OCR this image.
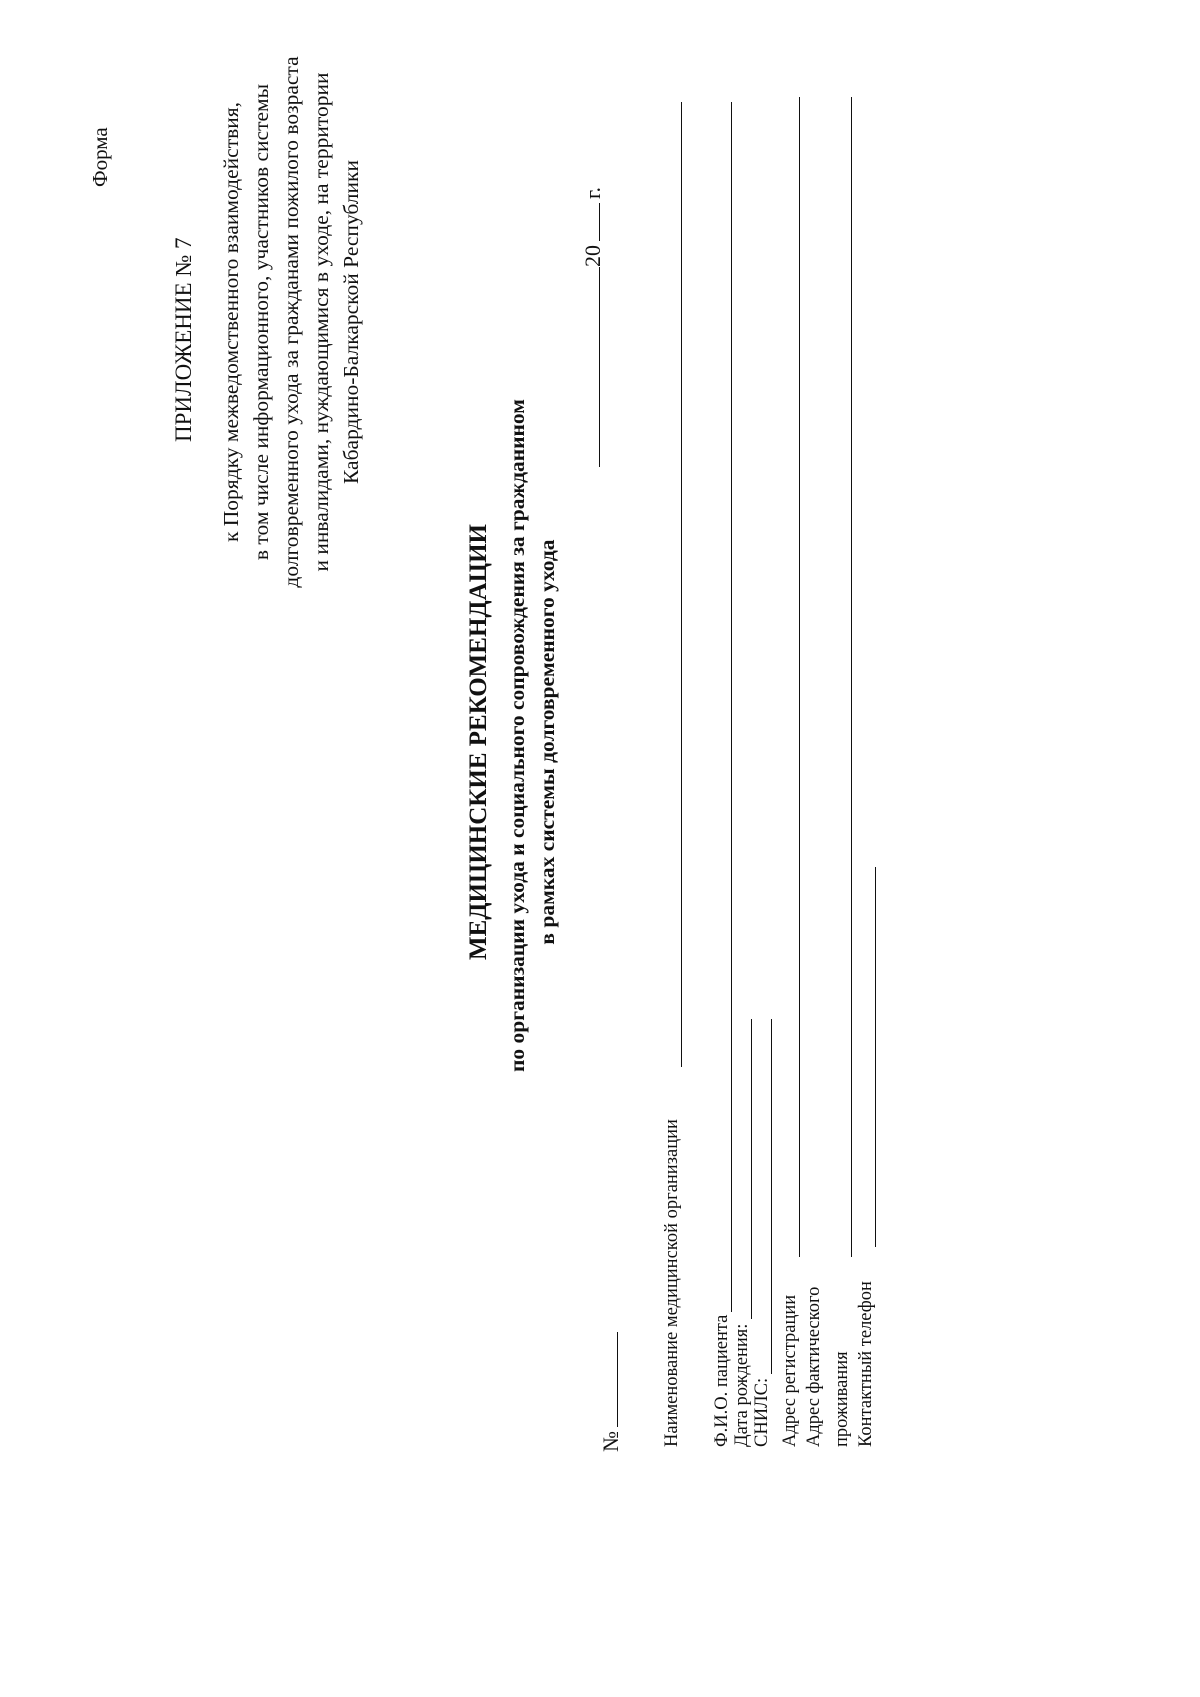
ПРИЛОЖЕНИЕ № 7 к Порядку межведомственного взаимодействия, в том числе информационного, участников системы долговременного ухода за гражданами пожилого возраста и инвалидами, нуждающимися в уходе, на территории Кабардино-Балкарской Республики
Форма
МЕДИЦИНСКИЕ РЕКОМЕНДАЦИИ по организации ухода и социального сопровождения за гражданином в рамках системы долговременного ухода
№
20г.
Наименование медицинской организации Ф.И.О. пациента Дата рождения: СНИЛС: Адрес регистрации Адрес фактического проживания Контактный телефон
